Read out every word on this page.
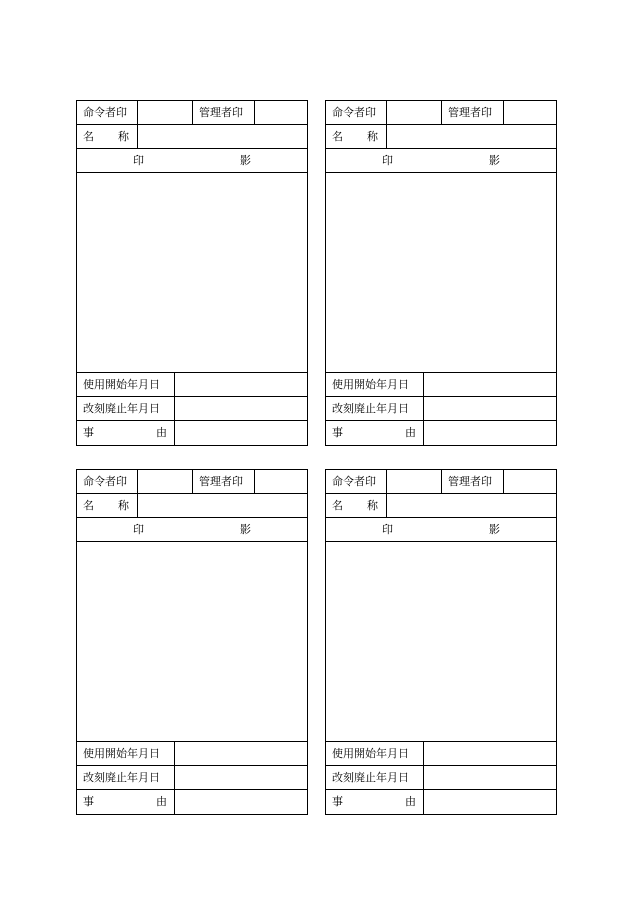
命令者印	管理者印
名 称
印	影
使用開始年月日
改刻廃止年月日
事	由
命令者印	管理者印
名 称
印	影
使用開始年月日
改刻廃止年月日
事	由
命令者印	管理者印
名 称
印	影
使用開始年月日
改刻廃止年月日
事	由
命令者印	管理者印
名 称
印	影
使用開始年月日
改刻廃止年月日
事	由
